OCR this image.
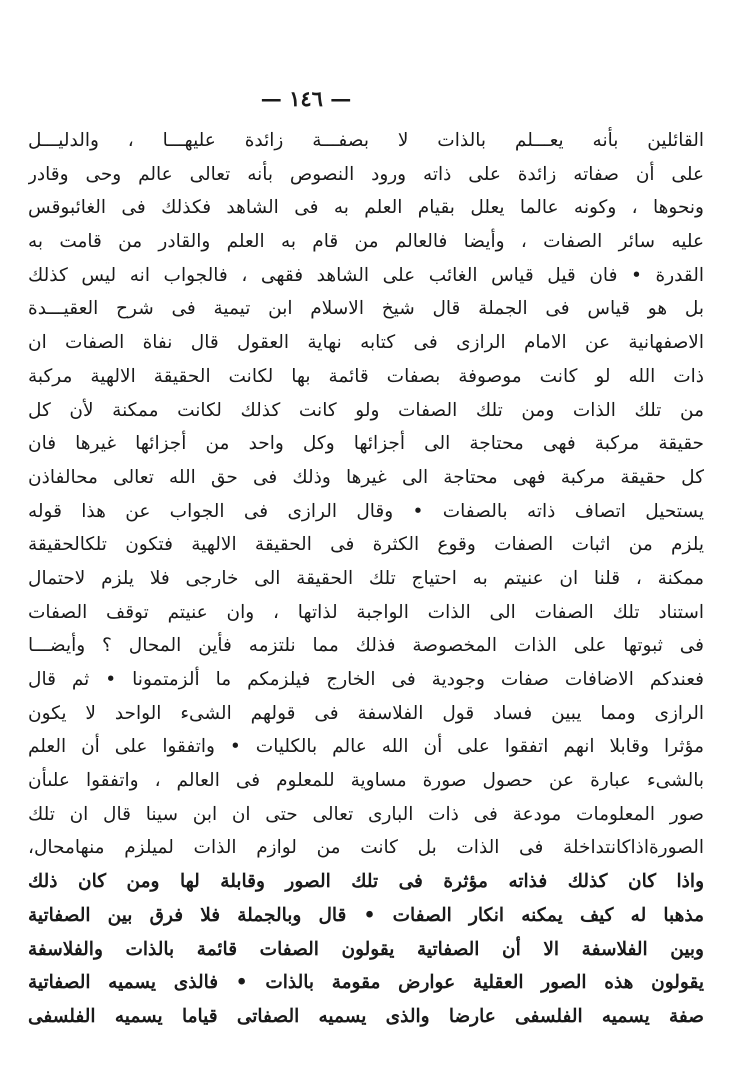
— ١٤٦ —
القائلين بأنه يعـــلم بالذات لا بصفـــة زائدة عليهـــا ، والدليـــل
على أن صفاته زائدة على ذاته ورود النصوص بأنه تعالى عالم وحى وقادر
ونحوها ، وكونه عالما يعلل بقيام العلم به فى الشاهد فكذلك فى الغائبوقس
عليه سائر الصفات ، وأيضا فالعالم من قام به العلم والقادر من قامت به
القدرة • فان قيل قياس الغائب على الشاهد فقهى ، فالجواب انه ليس كذلك
بل هو قياس فى الجملة قال شيخ الاسلام ابن تيمية فى شرح العقيـــدة
الاصفهانية عن الامام الرازى فى كتابه نهاية العقول قال نفاة الصفات ان
ذات الله لو كانت موصوفة بصفات قائمة بها لكانت الحقيقة الالهية مركبة
من تلك الذات ومن تلك الصفات ولو كانت كذلك لكانت ممكنة لأن كل
حقيقة مركبة فهى محتاجة الى أجزائها وكل واحد من أجزائها غيرها فان
كل حقيقة مركبة فهى محتاجة الى غيرها وذلك فى حق الله تعالى محالفاذن
يستحيل اتصاف ذاته بالصفات • وقال الرازى فى الجواب عن هذا قوله
يلزم من اثبات الصفات وقوع الكثرة فى الحقيقة الالهية فتكون تلكالحقيقة
ممكنة ، قلنا ان عنيتم به احتياج تلك الحقيقة الى خارجى فلا يلزم لاحتمال
استناد تلك الصفات الى الذات الواجبة لذاتها ، وان عنيتم توقف الصفات
فى ثبوتها على الذات المخصوصة فذلك مما نلتزمه فأين المحال ؟ وأيضـــا
فعندكم الاضافات صفات وجودية فى الخارج فيلزمكم ما ألزمتمونا • ثم قال
الرازى ومما يبين فساد قول الفلاسفة فى قولهم الشىء الواحد لا يكون
مؤثرا وقابلا انهم اتفقوا على أن الله عالم بالكليات • واتفقوا على أن العلم
بالشىء عبارة عن حصول صورة مساوية للمعلوم فى العالم ، واتفقوا علىأن
صور المعلومات مودعة فى ذات البارى تعالى حتى ان ابن سينا قال ان تلك
الصورةاذاكانتداخلة فى الذات بل كانت من لوازم الذات لميلزم منهامحال،
واذا كان كذلك فذاته مؤثرة فى تلك الصور وقابلة لها ومن كان ذلك
مذهبا له كيف يمكنه انكار الصفات • قال وبالجملة فلا فرق بين الصفاتية
وبين الفلاسفة الا أن الصفاتية يقولون الصفات قائمة بالذات والفلاسفة
يقولون هذه الصور العقلية عوارض مقومة بالذات • فالذى يسميه الصفاتية
صفة يسميه الفلسفى عارضا والذى يسميه الصفاتى قياما يسميه الفلسفى
